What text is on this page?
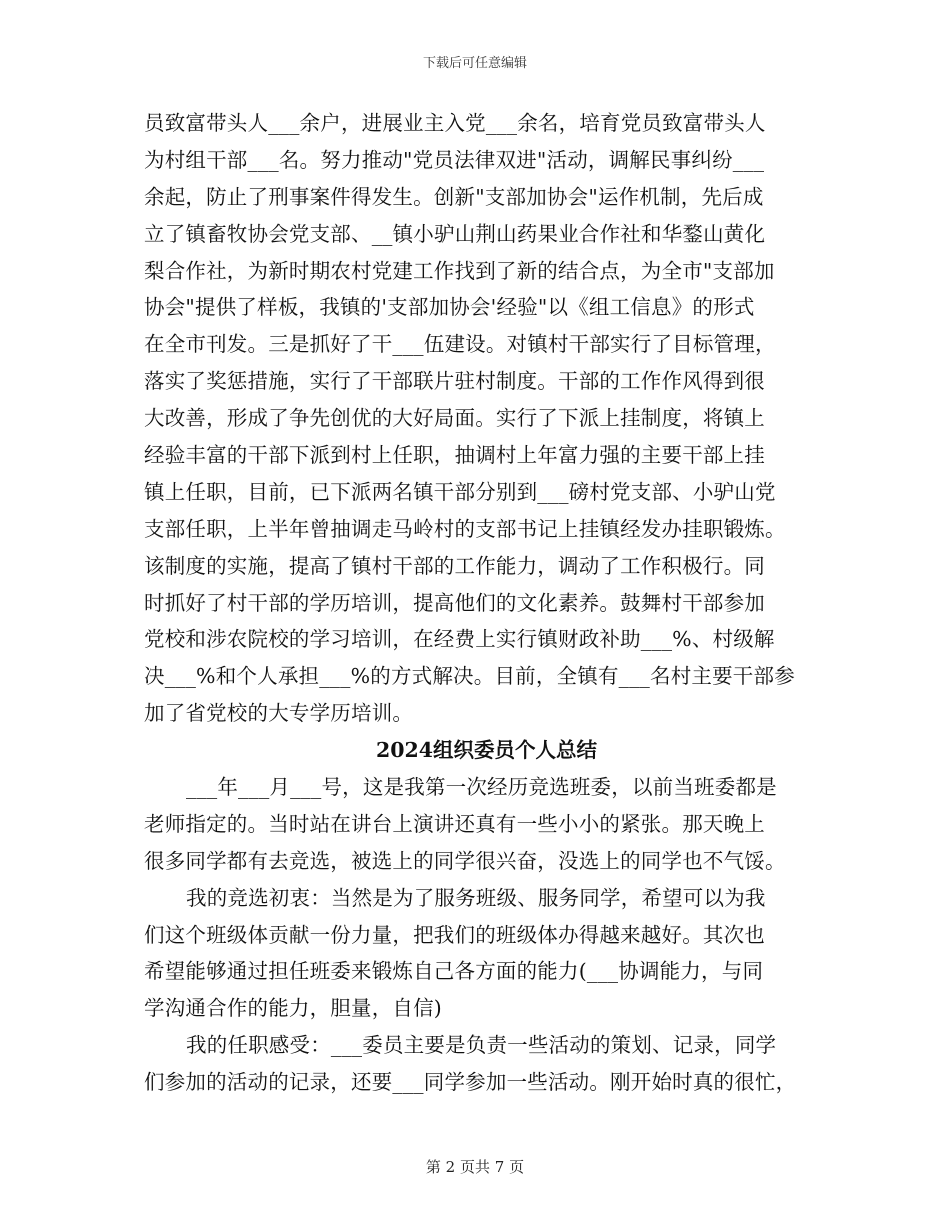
下载后可任意编辑
员致富带头人___余户，进展业主入党___余名，培育党员致富带头人
为村组干部___名。努力推动"党员法律双进"活动，调解民事纠纷___
余起，防止了刑事案件得发生。创新"支部加协会"运作机制，先后成
立了镇畜牧协会党支部、__镇小驴山荆山药果业合作社和华鍪山黄化
梨合作社，为新时期农村党建工作找到了新的结合点，为全市"支部加
协会"提供了样板，我镇的'支部加协会'经验"以《组工信息》的形式
在全市刊发。三是抓好了干___伍建设。对镇村干部实行了目标管理，
落实了奖惩措施，实行了干部联片驻村制度。干部的工作作风得到很
大改善，形成了争先创优的大好局面。实行了下派上挂制度，将镇上
经验丰富的干部下派到村上任职，抽调村上年富力强的主要干部上挂
镇上任职，目前，已下派两名镇干部分别到___磅村党支部、小驴山党
支部任职，上半年曾抽调走马岭村的支部书记上挂镇经发办挂职锻炼。
该制度的实施，提高了镇村干部的工作能力，调动了工作积极行。同
时抓好了村干部的学历培训，提高他们的文化素养。鼓舞村干部参加
党校和涉农院校的学习培训，在经费上实行镇财政补助___%、村级解
决___%和个人承担___%的方式解决。目前，全镇有___名村主要干部参
加了省党校的大专学历培训。
2024组织委员个人总结
___年___月___号，这是我第一次经历竞选班委，以前当班委都是
老师指定的。当时站在讲台上演讲还真有一些小小的紧张。那天晚上
很多同学都有去竞选，被选上的同学很兴奋，没选上的同学也不气馁。
我的竞选初衷：当然是为了服务班级、服务同学，希望可以为我
们这个班级体贡献一份力量，把我们的班级体办得越来越好。其次也
希望能够通过担任班委来锻炼自己各方面的能力(___协调能力，与同
学沟通合作的能力，胆量，自信)
我的任职感受：___委员主要是负责一些活动的策划、记录，同学
们参加的活动的记录，还要___同学参加一些活动。刚开始时真的很忙，
第 2 页共 7 页
